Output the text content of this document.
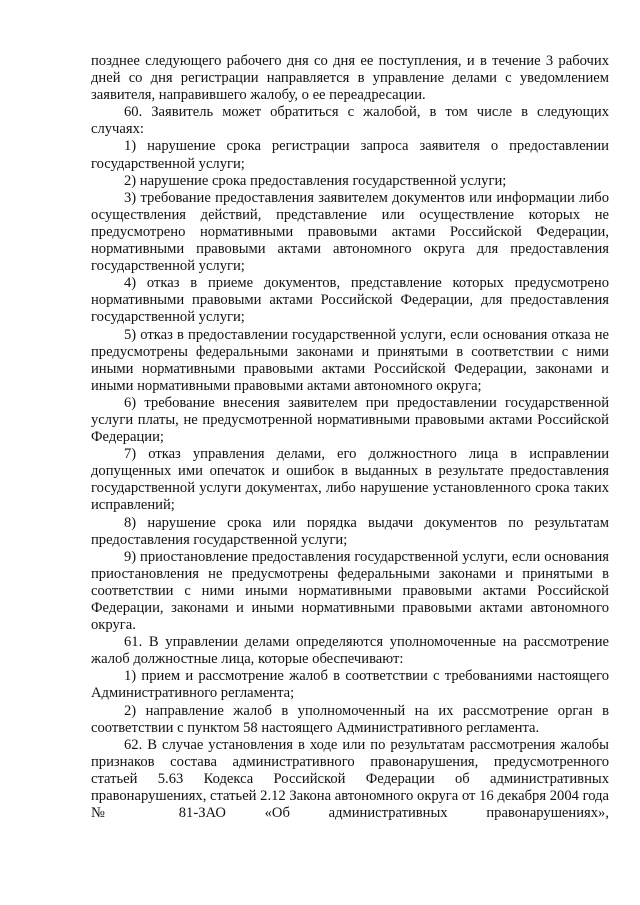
позднее следующего рабочего дня со дня ее поступления, и в течение 3 рабочих дней со дня регистрации направляется в управление делами с уведомлением заявителя, направившего жалобу, о ее переадресации.

60. Заявитель может обратиться с жалобой, в том числе в следующих случаях:

1) нарушение срока регистрации запроса заявителя о предоставлении государственной услуги;

2) нарушение срока предоставления государственной услуги;

3) требование предоставления заявителем документов или информации либо осуществления действий, представление или осуществление которых не предусмотрено нормативными правовыми актами Российской Федерации, нормативными правовыми актами автономного округа для предоставления государственной услуги;

4) отказ в приеме документов, представление которых предусмотрено нормативными правовыми актами Российской Федерации, для предоставления государственной услуги;

5) отказ в предоставлении государственной услуги, если основания отказа не предусмотрены федеральными законами и принятыми в соответствии с ними иными нормативными правовыми актами Российской Федерации, законами и иными нормативными правовыми актами автономного округа;

6) требование внесения заявителем при предоставлении государственной услуги платы, не предусмотренной нормативными правовыми актами Российской Федерации;

7) отказ управления делами, его должностного лица в исправлении допущенных ими опечаток и ошибок в выданных в результате предоставления государственной услуги документах, либо нарушение установленного срока таких исправлений;

8) нарушение срока или порядка выдачи документов по результатам предоставления государственной услуги;

9) приостановление предоставления государственной услуги, если основания приостановления не предусмотрены федеральными законами и принятыми в соответствии с ними иными нормативными правовыми актами Российской Федерации, законами и иными нормативными правовыми актами автономного округа.

61. В управлении делами определяются уполномоченные на рассмотрение жалоб должностные лица, которые обеспечивают:

1) прием и рассмотрение жалоб в соответствии с требованиями настоящего Административного регламента;

2) направление жалоб в уполномоченный на их рассмотрение орган в соответствии с пунктом 58 настоящего Административного регламента.

62. В случае установления в ходе или по результатам рассмотрения жалобы признаков состава административного правонарушения, предусмотренного статьей 5.63 Кодекса Российской Федерации об административных правонарушениях, статьей 2.12 Закона автономного округа от 16 декабря 2004 года № 81-ЗАО «Об административных правонарушениях»,
